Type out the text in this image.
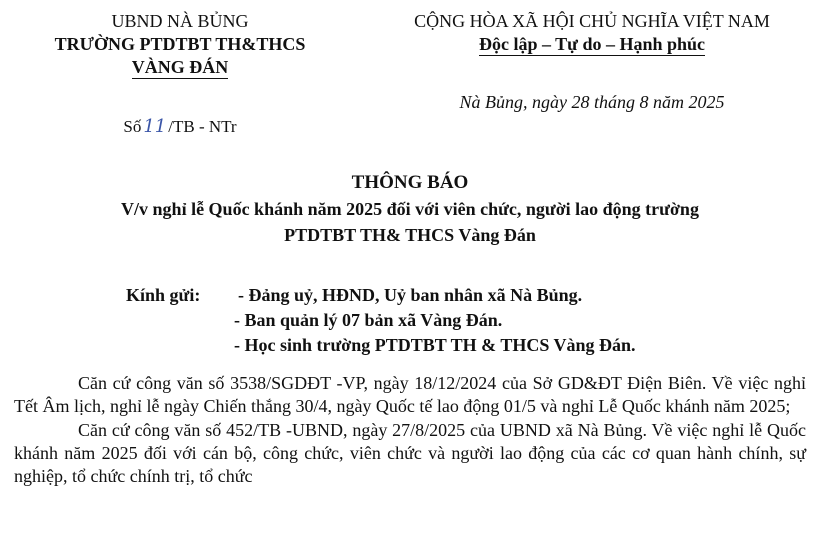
UBND NÀ BỦNG
TRƯỜNG PTDTBT TH&THCS
VÀNG ĐÁN
CỘNG HÒA XÃ HỘI CHỦ NGHĨA VIỆT NAM
Độc lập – Tự do – Hạnh phúc
Số 11 /TB - NTr
Nà Bủng, ngày 28 tháng 8 năm 2025
THÔNG BÁO
V/v nghỉ lễ Quốc khánh năm 2025 đối với viên chức, người lao động trường
PTDTBT TH& THCS Vàng Đán
Kính gửi: - Đảng uỷ, HĐND, Uỷ ban nhân xã Nà Bủng.
- Ban quản lý 07 bản xã Vàng Đán.
- Học sinh trường PTDTBT TH & THCS Vàng Đán.

Căn cứ công văn số 3538/SGDĐT -VP, ngày 18/12/2024 của Sở GD&ĐT Điện Biên. Về việc nghỉ Tết Âm lịch, nghỉ lễ ngày Chiến thắng 30/4, ngày Quốc tế lao động 01/5 và nghỉ Lễ Quốc khánh năm 2025;

Căn cứ công văn số 452/TB -UBND, ngày 27/8/2025 của UBND xã Nà Bủng. Về việc nghỉ lễ Quốc khánh năm 2025 đối với cán bộ, công chức, viên chức và người lao động của các cơ quan hành chính, sự nghiệp, tổ chức chính trị, tổ chức
